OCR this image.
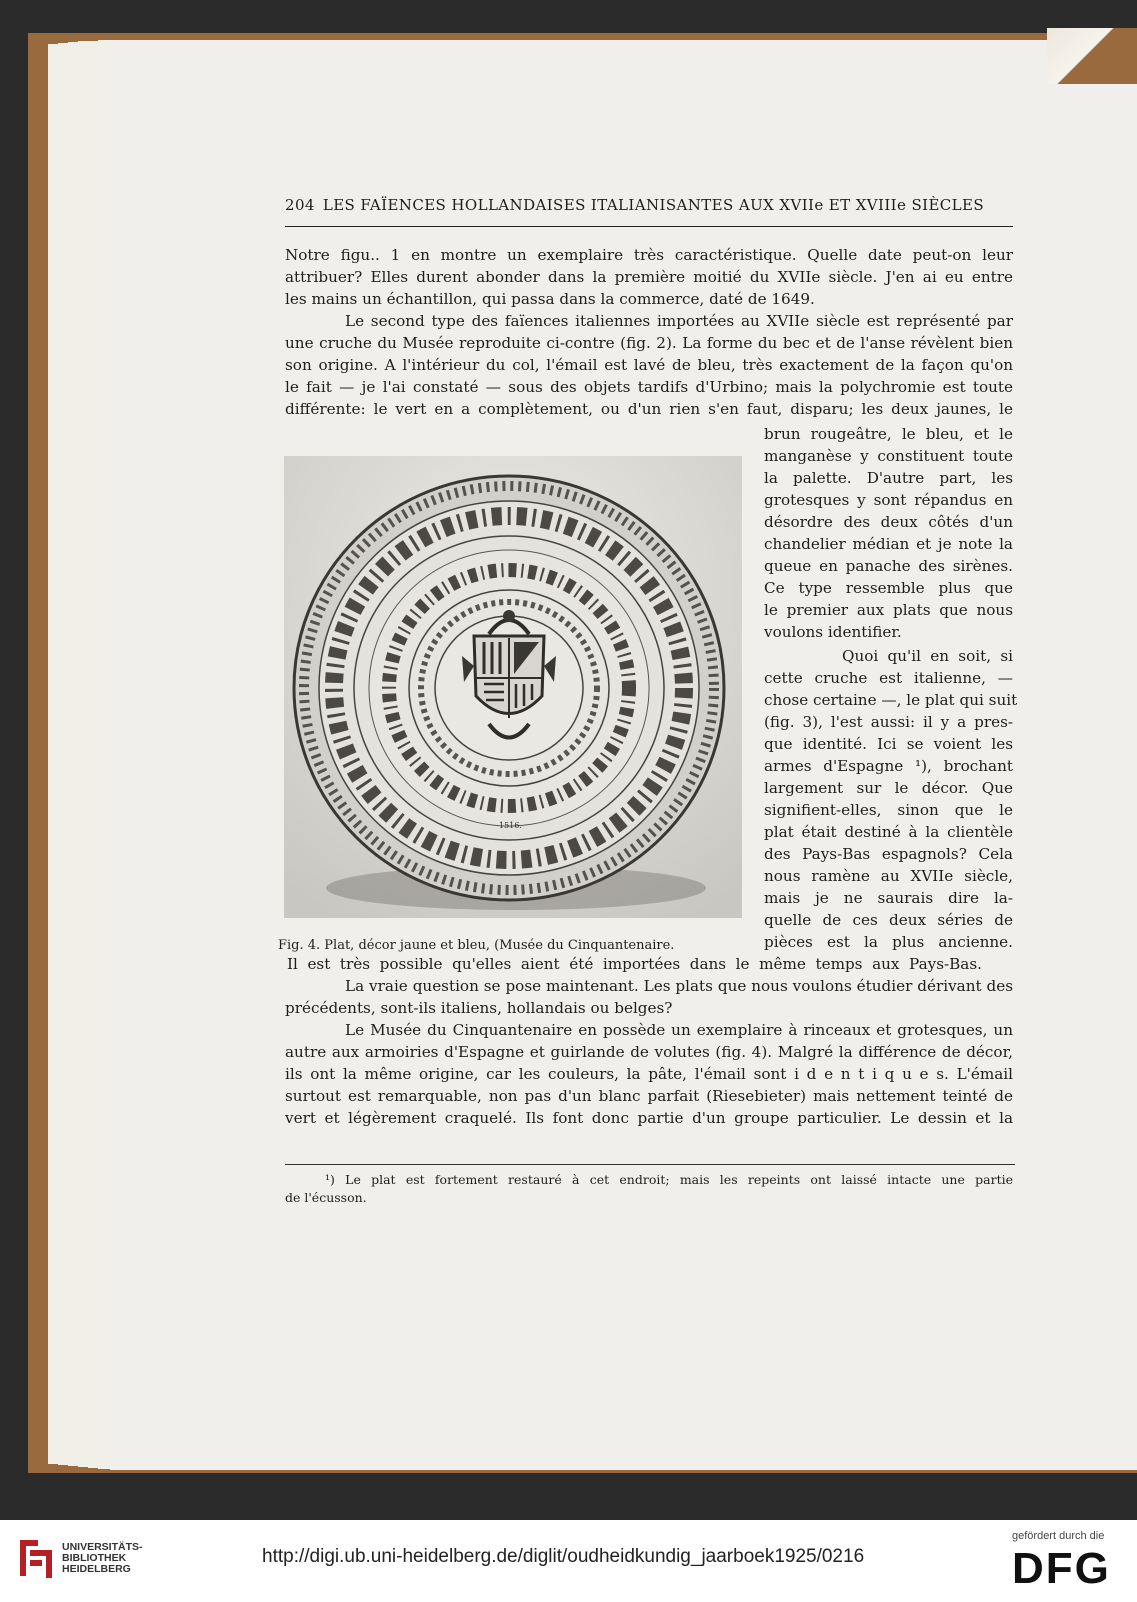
204 LES FAÏENCES HOLLANDAISES ITALIANISANTES AUX XVIIe ET XVIIIe SIÈCLES
Notre figu.. 1 en montre un exemplaire très caractéristique. Quelle date peut-on leur
attribuer? Elles durent abonder dans la première moitié du XVIIe siècle. J'en ai eu entre
les mains un échantillon, qui passa dans la commerce, daté de 1649.
Le second type des faïences italiennes importées au XVIIe siècle est représenté par
une cruche du Musée reproduite ci-contre (fig. 2). La forme du bec et de l'anse révèlent bien
son origine. A l'intérieur du col, l'émail est lavé de bleu, très exactement de la façon qu'on
le fait — je l'ai constaté — sous des objets tardifs d'Urbino; mais la polychromie est toute
différente: le vert en a complètement, ou d'un rien s'en faut, disparu; les deux jaunes, le
1516.
Fig. 4. Plat, décor jaune et bleu, (Musée du Cinquantenaire.
brun rougeâtre, le bleu, et le
manganèse y constituent toute
la palette. D'autre part, les
grotesques y sont répandus en
désordre des deux côtés d'un
chandelier médian et je note la
queue en panache des sirènes.
Ce type ressemble plus que
le premier aux plats que nous
voulons identifier.
Quoi qu'il en soit, si
cette cruche est italienne, —
chose certaine —, le plat qui suit
(fig. 3), l'est aussi: il y a pres-
que identité. Ici se voient les
armes d'Espagne ¹), brochant
largement sur le décor. Que
signifient-elles, sinon que le
plat était destiné à la clientèle
des Pays-Bas espagnols? Cela
nous ramène au XVIIe siècle,
mais je ne saurais dire la-
quelle de ces deux séries de
pièces est la plus ancienne.
Il est très possible qu'elles aient été importées dans le même temps aux Pays-Bas.
La vraie question se pose maintenant. Les plats que nous voulons étudier dérivant des
précédents, sont-ils italiens, hollandais ou belges?
Le Musée du Cinquantenaire en possède un exemplaire à rinceaux et grotesques, un
autre aux armoiries d'Espagne et guirlande de volutes (fig. 4). Malgré la différence de décor,
ils ont la même origine, car les couleurs, la pâte, l'émail sont i d e n t i q u e s. L'émail
surtout est remarquable, non pas d'un blanc parfait (Riesebieter) mais nettement teinté de
vert et légèrement craquelé. Ils font donc partie d'un groupe particulier. Le dessin et la
¹) Le plat est fortement restauré à cet endroit; mais les repeints ont laissé intacte une partie
de l'écusson.
UNIVERSITÄTS-
BIBLIOTHEK
HEIDELBERG
http://digi.ub.uni-heidelberg.de/diglit/oudheidkundig_jaarboek1925/0216
gefördert durch die
DFG
